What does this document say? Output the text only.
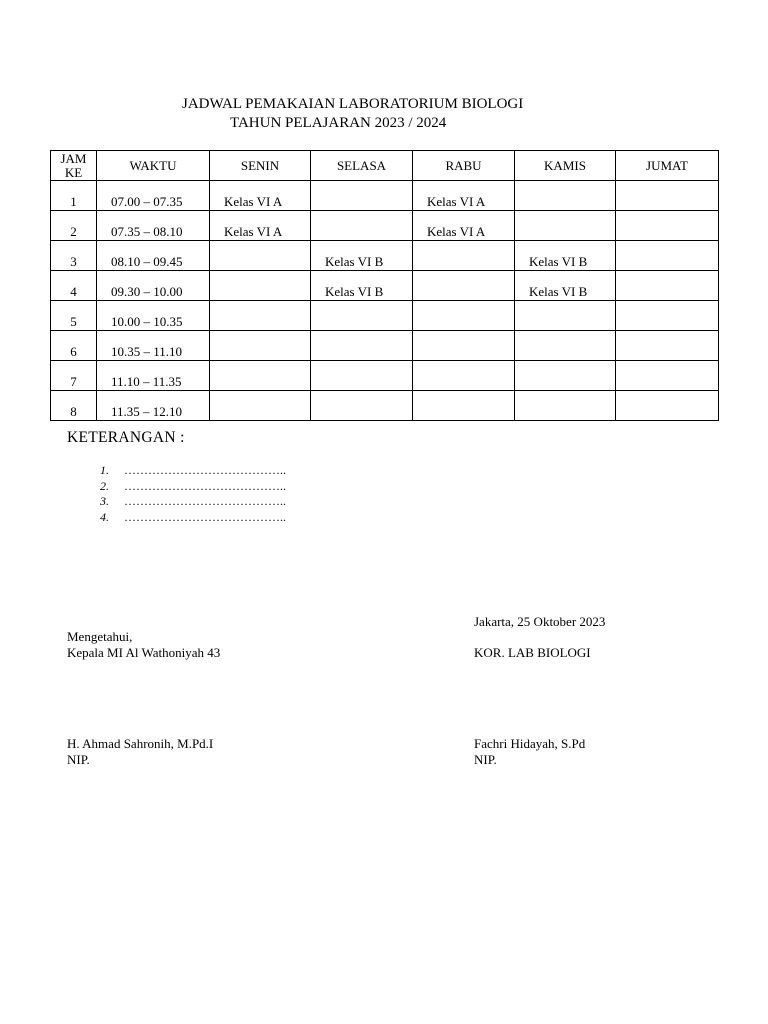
JADWAL PEMAKAIAN LABORATORIUM BIOLOGI
TAHUN PELAJARAN 2023 / 2024
JAM
KE	WAKTU	SENIN	SELASA	RABU	KAMIS	JUMAT
1	07.00 – 07.35	Kelas VI A		Kelas VI A		
2	07.35 – 08.10	Kelas VI A		Kelas VI A		
3	08.10 – 09.45		Kelas VI B		Kelas VI B	
4	09.30 – 10.00		Kelas VI B		Kelas VI B	
5	10.00 – 10.35					
6	10.35 – 11.10					
7	11.10 – 11.35					
8	11.35 – 12.10					
KETERANGAN :
1. …………………………………..
2. …………………………………..
3. …………………………………..
4. …………………………………..
Jakarta, 25 Oktober 2023
Mengetahui,
Kepala MI Al Wathoniyah 43	KOR. LAB BIOLOGI
H. Ahmad Sahronih, M.Pd.I
NIP.
Fachri Hidayah, S.Pd
NIP.
